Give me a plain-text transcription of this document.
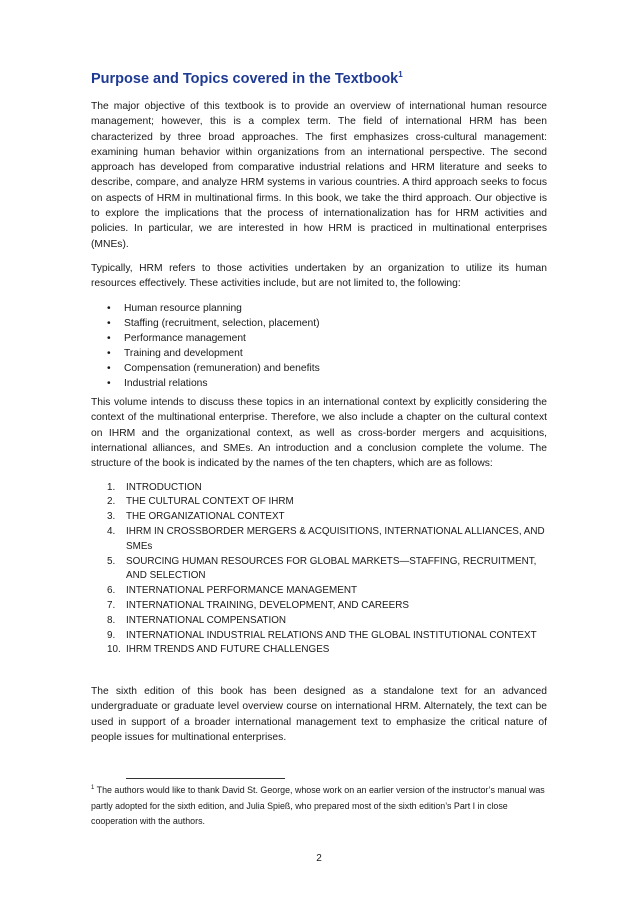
Purpose and Topics covered in the Textbook$^1$

The major objective of this textbook is to provide an overview of international human resource management; however, this is a complex term. The field of international HRM has been characterized by three broad approaches. The first emphasizes cross-cultural management: examining human behavior within organizations from an international perspective. The second approach has developed from comparative industrial relations and HRM literature and seeks to describe, compare, and analyze HRM systems in various countries. A third approach seeks to focus on aspects of HRM in multinational firms. In this book, we take the third approach. Our objective is to explore the implications that the process of internationalization has for HRM activities and policies. In particular, we are interested in how HRM is practiced in multinational enterprises (MNEs).

Typically, HRM refers to those activities undertaken by an organization to utilize its human resources effectively. These activities include, but are not limited to, the following:

• Human resource planning
• Staffing (recruitment, selection, placement)
• Performance management
• Training and development
• Compensation (remuneration) and benefits
• Industrial relations

This volume intends to discuss these topics in an international context by explicitly considering the context of the multinational enterprise. Therefore, we also include a chapter on the cultural context on IHRM and the organizational context, as well as cross-border mergers and acquisitions, international alliances, and SMEs. An introduction and a conclusion complete the volume. The structure of the book is indicated by the names of the ten chapters, which are as follows:

1. INTRODUCTION
2. THE CULTURAL CONTEXT OF IHRM
3. THE ORGANIZATIONAL CONTEXT
4. IHRM IN CROSSBORDER MERGERS & ACQUISITIONS, INTERNATIONAL ALLIANCES, AND SMEs
5. SOURCING HUMAN RESOURCES FOR GLOBAL MARKETS—STAFFING, RECRUITMENT, AND SELECTION
6. INTERNATIONAL PERFORMANCE MANAGEMENT
7. INTERNATIONAL TRAINING, DEVELOPMENT, AND CAREERS
8. INTERNATIONAL COMPENSATION
9. INTERNATIONAL INDUSTRIAL RELATIONS AND THE GLOBAL INSTITUTIONAL CONTEXT
10. IHRM TRENDS AND FUTURE CHALLENGES

The sixth edition of this book has been designed as a standalone text for an advanced undergraduate or graduate level overview course on international HRM. Alternately, the text can be used in support of a broader international management text to emphasize the critical nature of people issues for multinational enterprises.

$^1$ The authors would like to thank David St. George, whose work on an earlier version of the instructor’s manual was partly adopted for the sixth edition, and Julia Spieß, who prepared most of the sixth edition’s Part I in close cooperation with the authors.

2
